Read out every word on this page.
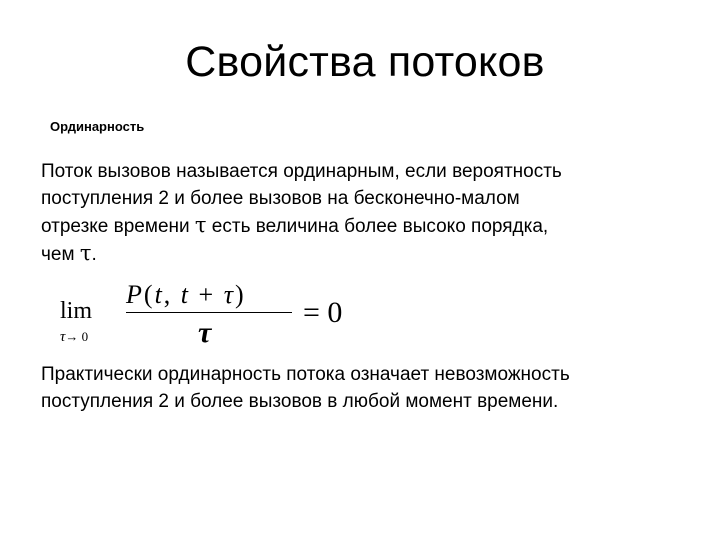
Свойства потоков
Ординарность
Поток вызовов называется ординарным, если вероятность
поступления 2 и более вызовов на бесконечно-малом
отрезке времени τ есть величина более высоко порядка,
чем τ.
lim
τ→ 0
P(t, t + τ)
τ
= 0
Практически ординарность потока означает невозможность
поступления 2 и более вызовов в любой момент времени.
